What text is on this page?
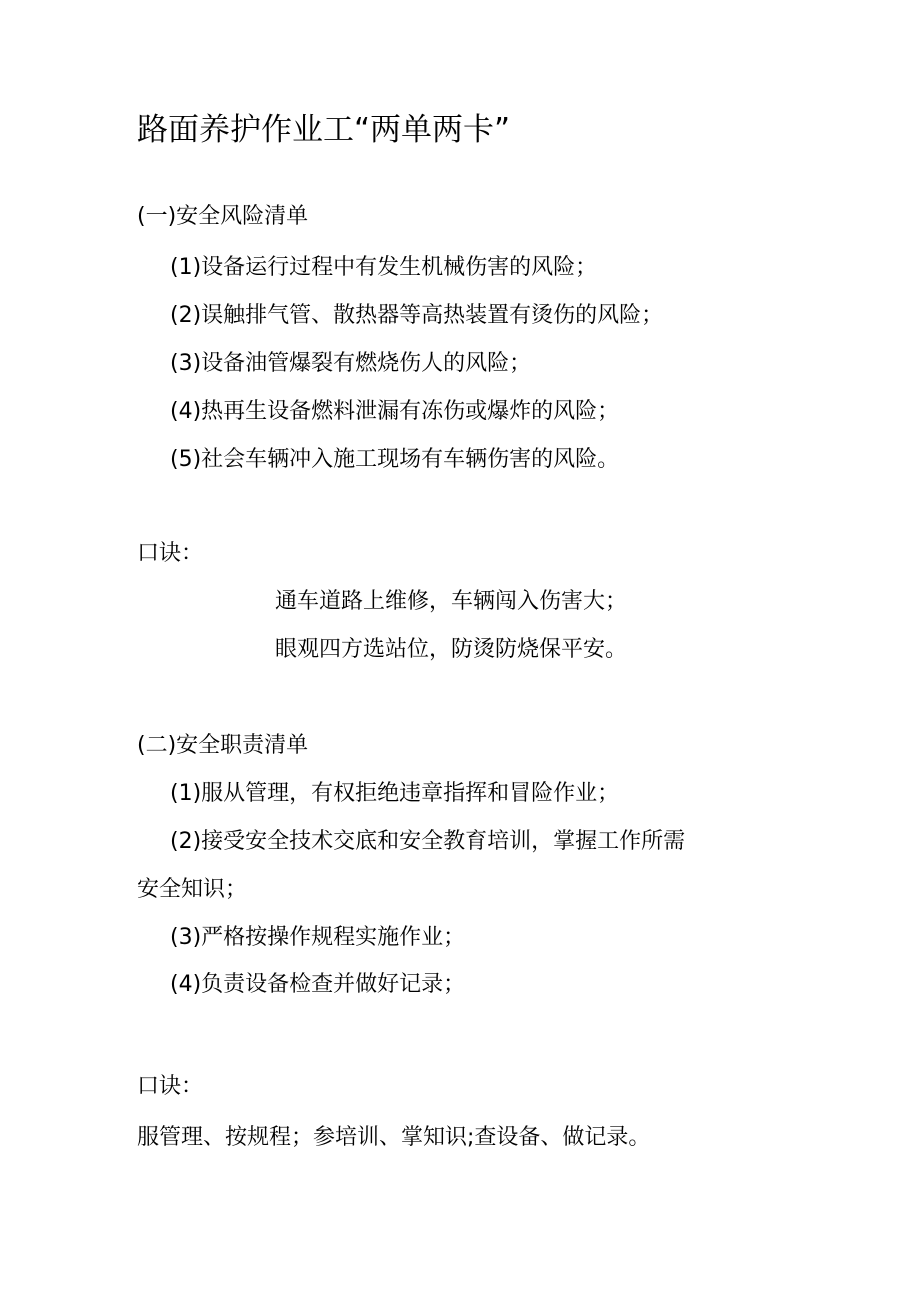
路面养护作业工“两单两卡”
(一)安全风险清单
(1)设备运行过程中有发生机械伤害的风险；
(2)误触排气管、散热器等高热装置有烫伤的风险；
(3)设备油管爆裂有燃烧伤人的风险；
(4)热再生设备燃料泄漏有冻伤或爆炸的风险；
(5)社会车辆冲入施工现场有车辆伤害的风险。
口诀：
通车道路上维修，车辆闯入伤害大；
眼观四方选站位，防烫防烧保平安。
(二)安全职责清单
(1)服从管理，有权拒绝违章指挥和冒险作业；
(2)接受安全技术交底和安全教育培训，掌握工作所需
安全知识；
(3)严格按操作规程实施作业；
(4)负责设备检查并做好记录；
口诀：
服管理、按规程；参培训、掌知识;查设备、做记录。
